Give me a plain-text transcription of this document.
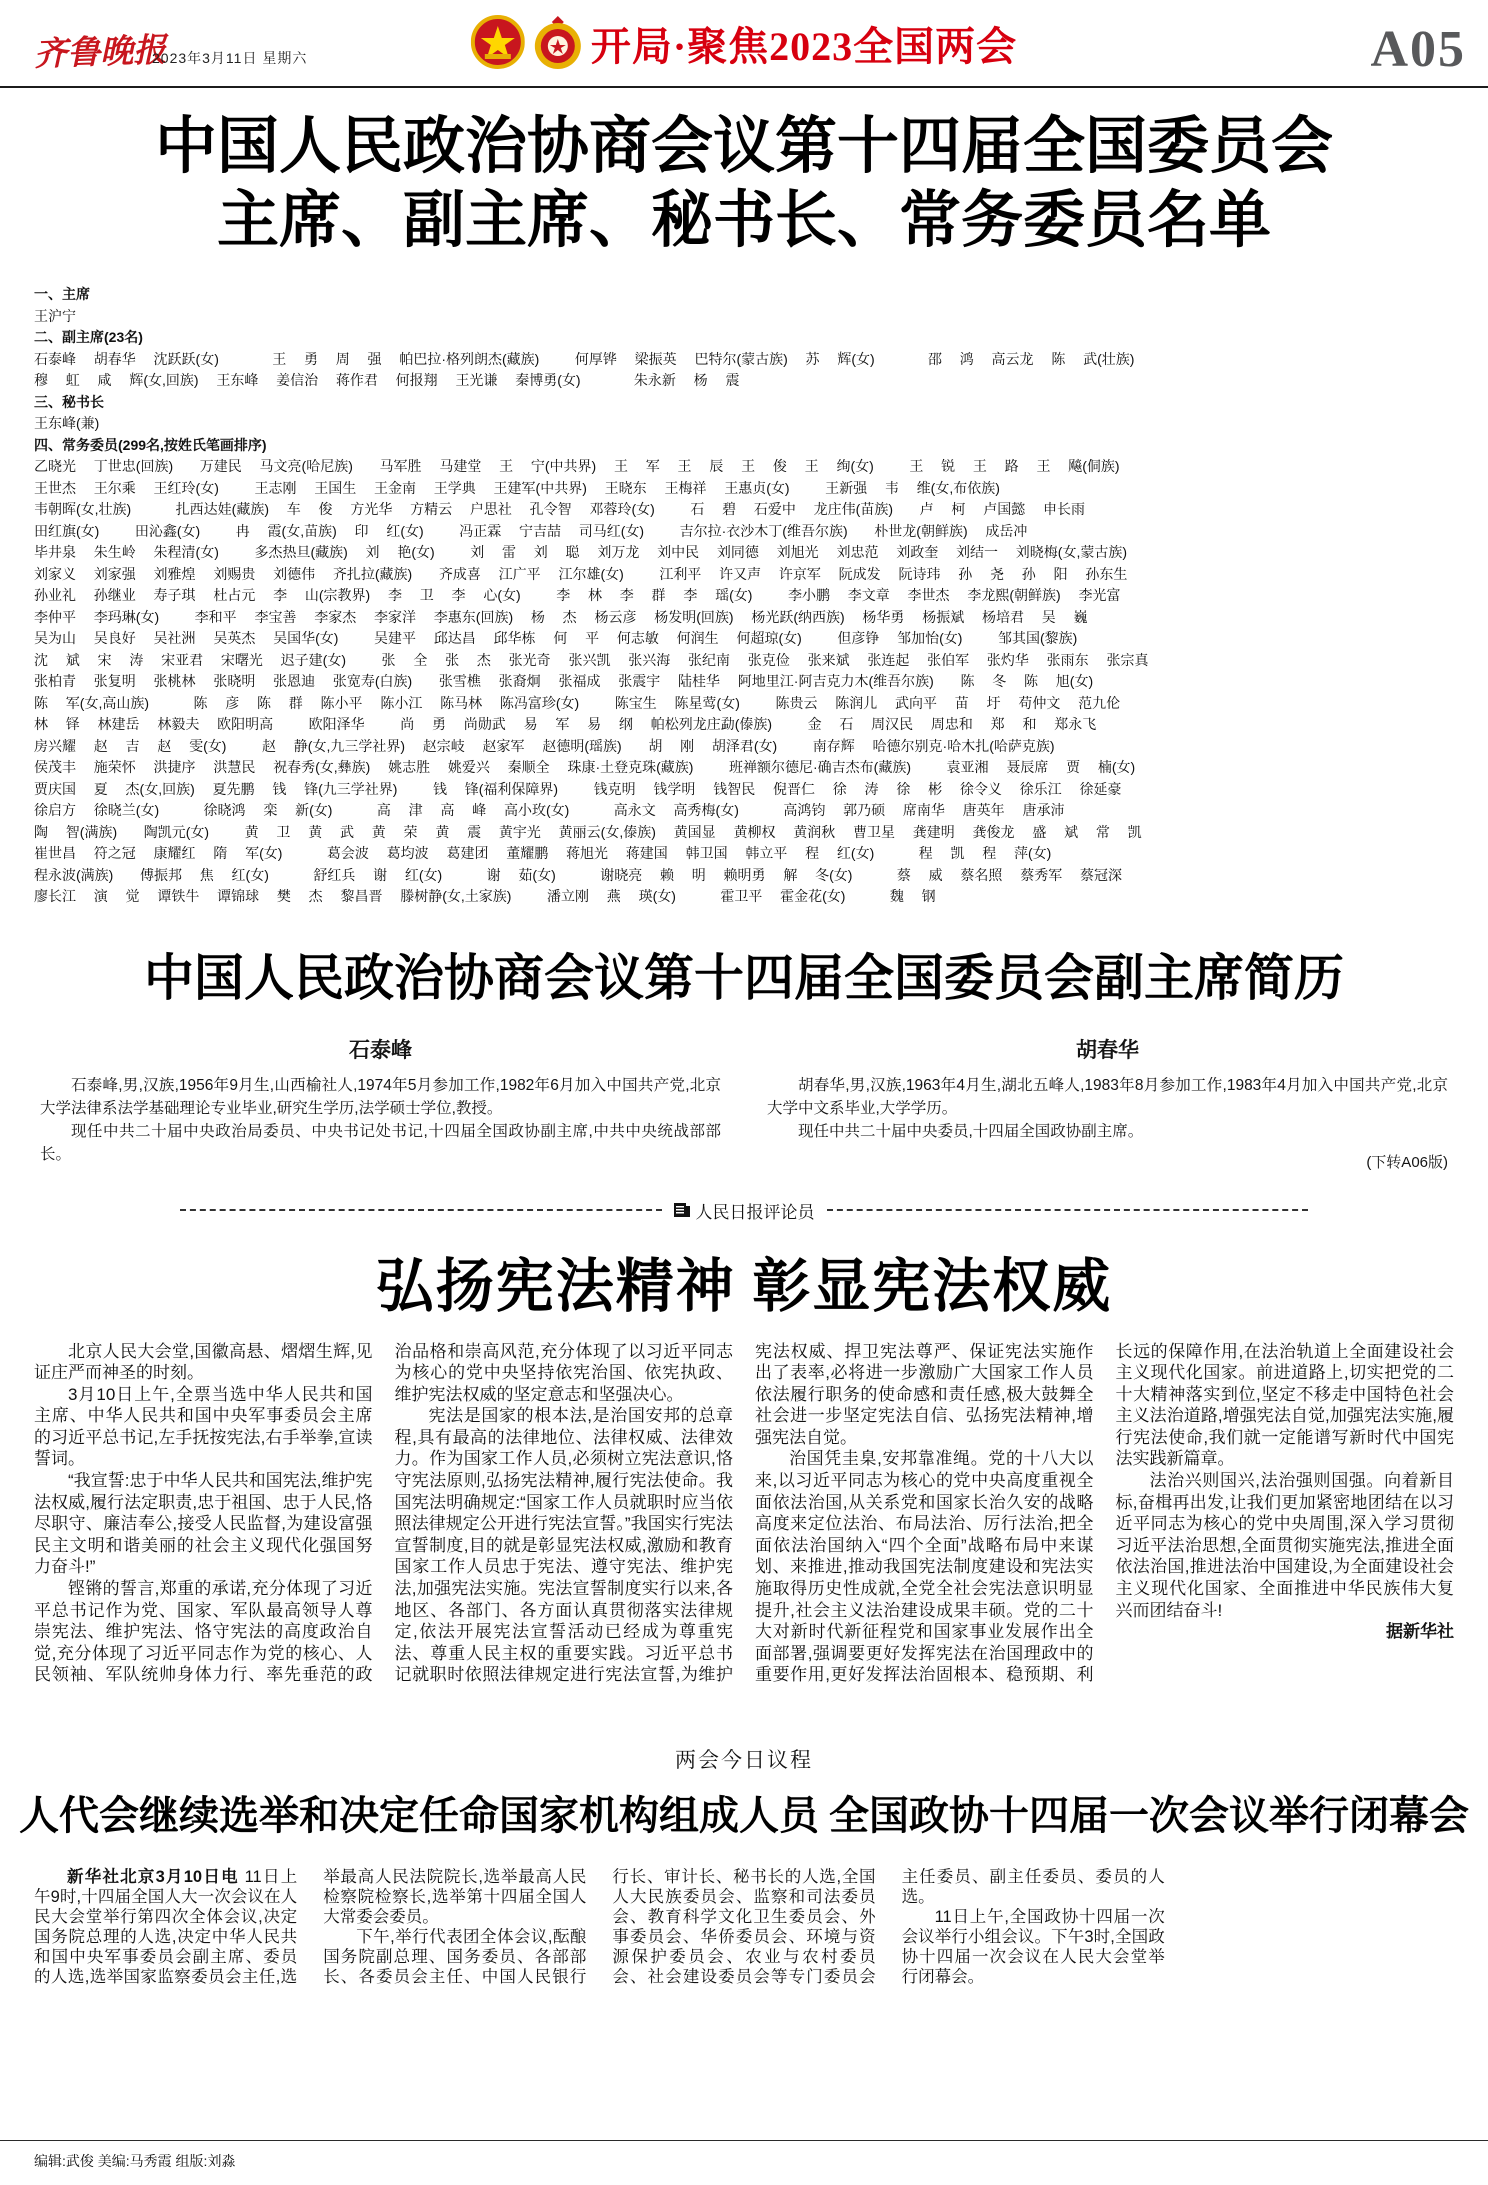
齐鲁晚报
2023年3月11日 星期六	开局·聚焦2023全国两会	A05
中国人民政治协商会议第十四届全国委员会
主席、副主席、秘书长、常务委员名单

一、主席

王沪宁

二、副主席(23名)

石泰峰  胡春华  沈跃跃(女)      王  勇  周  强  帕巴拉·格列朗杰(藏族)    何厚铧  梁振英  巴特尔(蒙古族)  苏  辉(女)      邵  鸿  高云龙  陈  武(壮族)

穆  虹  咸  辉(女,回族)  王东峰  姜信治  蒋作君  何报翔  王光谦  秦博勇(女)      朱永新  杨  震

三、秘书长

王东峰(兼)

四、常务委员(299名,按姓氏笔画排序)

乙晓光  丁世忠(回族)   万建民  马文亮(哈尼族)   马军胜  马建堂  王  宁(中共界)  王  军  王  辰  王  俊  王  绚(女)    王  锐  王  路  王  飚(侗族)

王世杰  王尔乘  王红玲(女)    王志刚  王国生  王金南  王学典  王建军(中共界)  王晓东  王梅祥  王惠贞(女)    王新强  韦  维(女,布依族)

韦朝晖(女,壮族)     扎西达娃(藏族)  车  俊  方光华  方精云  户思社  孔令智  邓蓉玲(女)    石  碧  石爱中  龙庄伟(苗族)   卢  柯  卢国懿  申长雨

田红旗(女)    田沁鑫(女)    冉  霞(女,苗族)  印  红(女)    冯正霖  宁吉喆  司马红(女)    吉尔拉·衣沙木丁(维吾尔族)   朴世龙(朝鲜族)  成岳冲

毕井泉  朱生岭  朱程清(女)    多杰热旦(藏族)  刘  艳(女)    刘  雷  刘  聪  刘万龙  刘中民  刘同德  刘旭光  刘忠范  刘政奎  刘结一  刘晓梅(女,蒙古族)

刘家义  刘家强  刘雅煌  刘赐贵  刘德伟  齐扎拉(藏族)   齐成喜  江广平  江尔雄(女)    江利平  许又声  许京军  阮成发  阮诗玮  孙  尧  孙  阳  孙东生

孙业礼  孙继业  寿子琪  杜占元  李  山(宗教界)  李  卫  李  心(女)    李  林  李  群  李  瑶(女)    李小鹏  李文章  李世杰  李龙熙(朝鲜族)  李光富

李仲平  李玛琳(女)    李和平  李宝善  李家杰  李家洋  李惠东(回族)  杨  杰  杨云彦  杨发明(回族)  杨光跃(纳西族)  杨华勇  杨振斌  杨培君  吴  巍

吴为山  吴良好  吴社洲  吴英杰  吴国华(女)    吴建平  邱达昌  邱华栋  何  平  何志敏  何润生  何超琼(女)    但彦铮  邹加怡(女)    邹其国(黎族)

沈  斌  宋  涛  宋亚君  宋曙光  迟子建(女)    张  全  张  杰  张光奇  张兴凯  张兴海  张纪南  张克俭  张来斌  张连起  张伯军  张灼华  张雨东  张宗真

张柏青  张复明  张桃林  张晓明  张恩迪  张宽寿(白族)   张雪樵  张裔炯  张福成  张震宇  陆桂华  阿地里江·阿吉克力木(维吾尔族)   陈  冬  陈  旭(女)

陈  军(女,高山族)     陈  彦  陈  群  陈小平  陈小江  陈马林  陈冯富珍(女)    陈宝生  陈星莺(女)    陈贵云  陈润儿  武向平  苗  圩  苟仲文  范九伦

林  铎  林建岳  林毅夫  欧阳明高    欧阳泽华    尚  勇  尚勋武  易  军  易  纲  帕松列龙庄勐(傣族)    金  石  周汉民  周忠和  郑  和  郑永飞

房兴耀  赵  吉  赵  雯(女)    赵  静(女,九三学社界)  赵宗岐  赵家军  赵德明(瑶族)   胡  刚  胡泽君(女)    南存辉  哈德尔别克·哈木扎(哈萨克族)

侯茂丰  施荣怀  洪捷序  洪慧民  祝春秀(女,彝族)  姚志胜  姚爱兴  秦顺全  珠康·土登克珠(藏族)    班禅额尔德尼·确吉杰布(藏族)    袁亚湘  聂辰席  贾  楠(女)

贾庆国  夏  杰(女,回族)  夏先鹏  钱  锋(九三学社界)    钱  锋(福利保障界)    钱克明  钱学明  钱智民  倪晋仁  徐  涛  徐  彬  徐令义  徐乐江  徐延豪

徐启方  徐晓兰(女)     徐晓鸿  栾  新(女)     高  津  高  峰  高小玫(女)     高永文  高秀梅(女)     高鸿钧  郭乃硕  席南华  唐英年  唐承沛

陶  智(满族)   陶凯元(女)    黄  卫  黄  武  黄  荣  黄  震  黄宇光  黄丽云(女,傣族)  黄国显  黄柳权  黄润秋  曹卫星  龚建明  龚俊龙  盛  斌  常  凯

崔世昌  符之冠  康耀红  隋  军(女)     葛会波  葛均波  葛建团  董耀鹏  蒋旭光  蒋建国  韩卫国  韩立平  程  红(女)     程  凯  程  萍(女)

程永波(满族)   傅振邦  焦  红(女)     舒红兵  谢  红(女)     谢  茹(女)     谢晓亮  赖  明  赖明勇  解  冬(女)     蔡  威  蔡名照  蔡秀军  蔡冠深

廖长江  演  觉  谭铁牛  谭锦球  樊  杰  黎昌晋  滕树静(女,土家族)    潘立刚  燕  瑛(女)     霍卫平  霍金花(女)     魏  钢

中国人民政治协商会议第十四届全国委员会副主席简历
石泰峰

石泰峰,男,汉族,1956年9月生,山西榆社人,1974年5月参加工作,1982年6月加入中国共产党,北京大学法律系法学基础理论专业毕业,研究生学历,法学硕士学位,教授。

现任中共二十届中央政治局委员、中央书记处书记,十四届全国政协副主席,中共中央统战部部长。

胡春华

胡春华,男,汉族,1963年4月生,湖北五峰人,1983年8月参加工作,1983年4月加入中国共产党,北京大学中文系毕业,大学学历。

现任中共二十届中央委员,十四届全国政协副主席。

(下转A06版)
人民日报评论员
弘扬宪法精神 彰显宪法权威

北京人民大会堂,国徽高悬、熠熠生辉,见证庄严而神圣的时刻。

3月10日上午,全票当选中华人民共和国主席、中华人民共和国中央军事委员会主席的习近平总书记,左手抚按宪法,右手举拳,宣读誓词。

“我宣誓:忠于中华人民共和国宪法,维护宪法权威,履行法定职责,忠于祖国、忠于人民,恪尽职守、廉洁奉公,接受人民监督,为建设富强民主文明和谐美丽的社会主义现代化强国努力奋斗!”

铿锵的誓言,郑重的承诺,充分体现了习近平总书记作为党、国家、军队最高领导人尊崇宪法、维护宪法、恪守宪法的高度政治自觉,充分体现了习近平同志作为党的核心、人民领袖、军队统帅身体力行、率先垂范的政治品格和崇高风范,充分体现了以习近平同志为核心的党中央坚持依宪治国、依宪执政、维护宪法权威的坚定意志和坚强决心。

宪法是国家的根本法,是治国安邦的总章程,具有最高的法律地位、法律权威、法律效力。作为国家工作人员,必须树立宪法意识,恪守宪法原则,弘扬宪法精神,履行宪法使命。我国宪法明确规定:“国家工作人员就职时应当依照法律规定公开进行宪法宣誓。”我国实行宪法宣誓制度,目的就是彰显宪法权威,激励和教育国家工作人员忠于宪法、遵守宪法、维护宪法,加强宪法实施。宪法宣誓制度实行以来,各地区、各部门、各方面认真贯彻落实法律规定,依法开展宪法宣誓活动已经成为尊重宪法、尊重人民主权的重要实践。习近平总书记就职时依照法律规定进行宪法宣誓,为维护宪法权威、捍卫宪法尊严、保证宪法实施作出了表率,必将进一步激励广大国家工作人员依法履行职务的使命感和责任感,极大鼓舞全社会进一步坚定宪法自信、弘扬宪法精神,增强宪法自觉。

治国凭圭臬,安邦靠准绳。党的十八大以来,以习近平同志为核心的党中央高度重视全面依法治国,从关系党和国家长治久安的战略高度来定位法治、布局法治、厉行法治,把全面依法治国纳入“四个全面”战略布局中来谋划、来推进,推动我国宪法制度建设和宪法实施取得历史性成就,全党全社会宪法意识明显提升,社会主义法治建设成果丰硕。党的二十大对新时代新征程党和国家事业发展作出全面部署,强调要更好发挥宪法在治国理政中的重要作用,更好发挥法治固根本、稳预期、利长远的保障作用,在法治轨道上全面建设社会主义现代化国家。前进道路上,切实把党的二十大精神落实到位,坚定不移走中国特色社会主义法治道路,增强宪法自觉,加强宪法实施,履行宪法使命,我们就一定能谱写新时代中国宪法实践新篇章。

法治兴则国兴,法治强则国强。向着新目标,奋楫再出发,让我们更加紧密地团结在以习近平同志为核心的党中央周围,深入学习贯彻习近平法治思想,全面贯彻实施宪法,推进全面依法治国,推进法治中国建设,为全面建设社会主义现代化国家、全面推进中华民族伟大复兴而团结奋斗!

据新华社

两会今日议程
人代会继续选举和决定任命国家机构组成人员 全国政协十四届一次会议举行闭幕会

新华社北京3月10日电 11日上午9时,十四届全国人大一次会议在人民大会堂举行第四次全体会议,决定国务院总理的人选,决定中华人民共和国中央军事委员会副主席、委员的人选,选举国家监察委员会主任,选举最高人民法院院长,选举最高人民检察院检察长,选举第十四届全国人大常委会委员。

下午,举行代表团全体会议,酝酿国务院副总理、国务委员、各部部长、各委员会主任、中国人民银行行长、审计长、秘书长的人选,全国人大民族委员会、监察和司法委员会、教育科学文化卫生委员会、外事委员会、华侨委员会、环境与资源保护委员会、农业与农村委员会、社会建设委员会等专门委员会主任委员、副主任委员、委员的人选。

11日上午,全国政协十四届一次会议举行小组会议。下午3时,全国政协十四届一次会议在人民大会堂举行闭幕会。

编辑:武俊 美编:马秀霞 组版:刘淼
